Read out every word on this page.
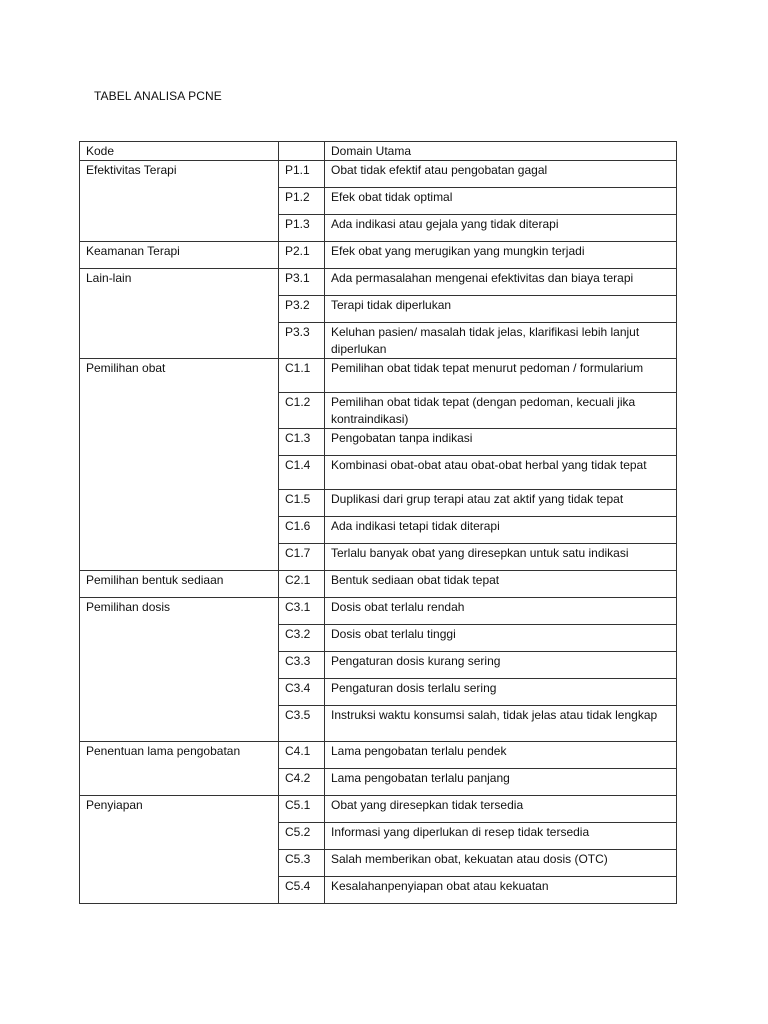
TABEL ANALISA PCNE
Kode		Domain Utama
Efektivitas Terapi	P1.1	Obat tidak efektif atau pengobatan gagal
	P1.2	Efek obat tidak optimal
	P1.3	Ada indikasi atau gejala yang tidak diterapi
Keamanan Terapi	P2.1	Efek obat yang merugikan yang mungkin terjadi
Lain-lain	P3.1	Ada permasalahan mengenai efektivitas dan biaya terapi
	P3.2	Terapi tidak diperlukan
	P3.3	Keluhan pasien/ masalah tidak jelas, klarifikasi lebih lanjut diperlukan
Pemilihan obat	C1.1	Pemilihan obat tidak tepat menurut pedoman / formularium
	C1.2	Pemilihan obat tidak tepat (dengan pedoman, kecuali jika kontraindikasi)
	C1.3	Pengobatan tanpa indikasi
	C1.4	Kombinasi obat-obat atau obat-obat herbal yang tidak tepat
	C1.5	Duplikasi dari grup terapi atau zat aktif yang tidak tepat
	C1.6	Ada indikasi tetapi tidak diterapi
	C1.7	Terlalu banyak obat yang diresepkan untuk satu indikasi
Pemilihan bentuk sediaan	C2.1	Bentuk sediaan obat tidak tepat
Pemilihan dosis	C3.1	Dosis obat terlalu rendah
	C3.2	Dosis obat terlalu tinggi
	C3.3	Pengaturan dosis kurang sering
	C3.4	Pengaturan dosis terlalu sering
	C3.5	Instruksi waktu konsumsi salah, tidak jelas atau tidak lengkap
Penentuan lama pengobatan	C4.1	Lama pengobatan terlalu pendek
	C4.2	Lama pengobatan terlalu panjang
Penyiapan	C5.1	Obat yang diresepkan tidak tersedia
	C5.2	Informasi yang diperlukan di resep tidak tersedia
	C5.3	Salah memberikan obat, kekuatan atau dosis (OTC)
	C5.4	Kesalahanpenyiapan obat atau kekuatan
